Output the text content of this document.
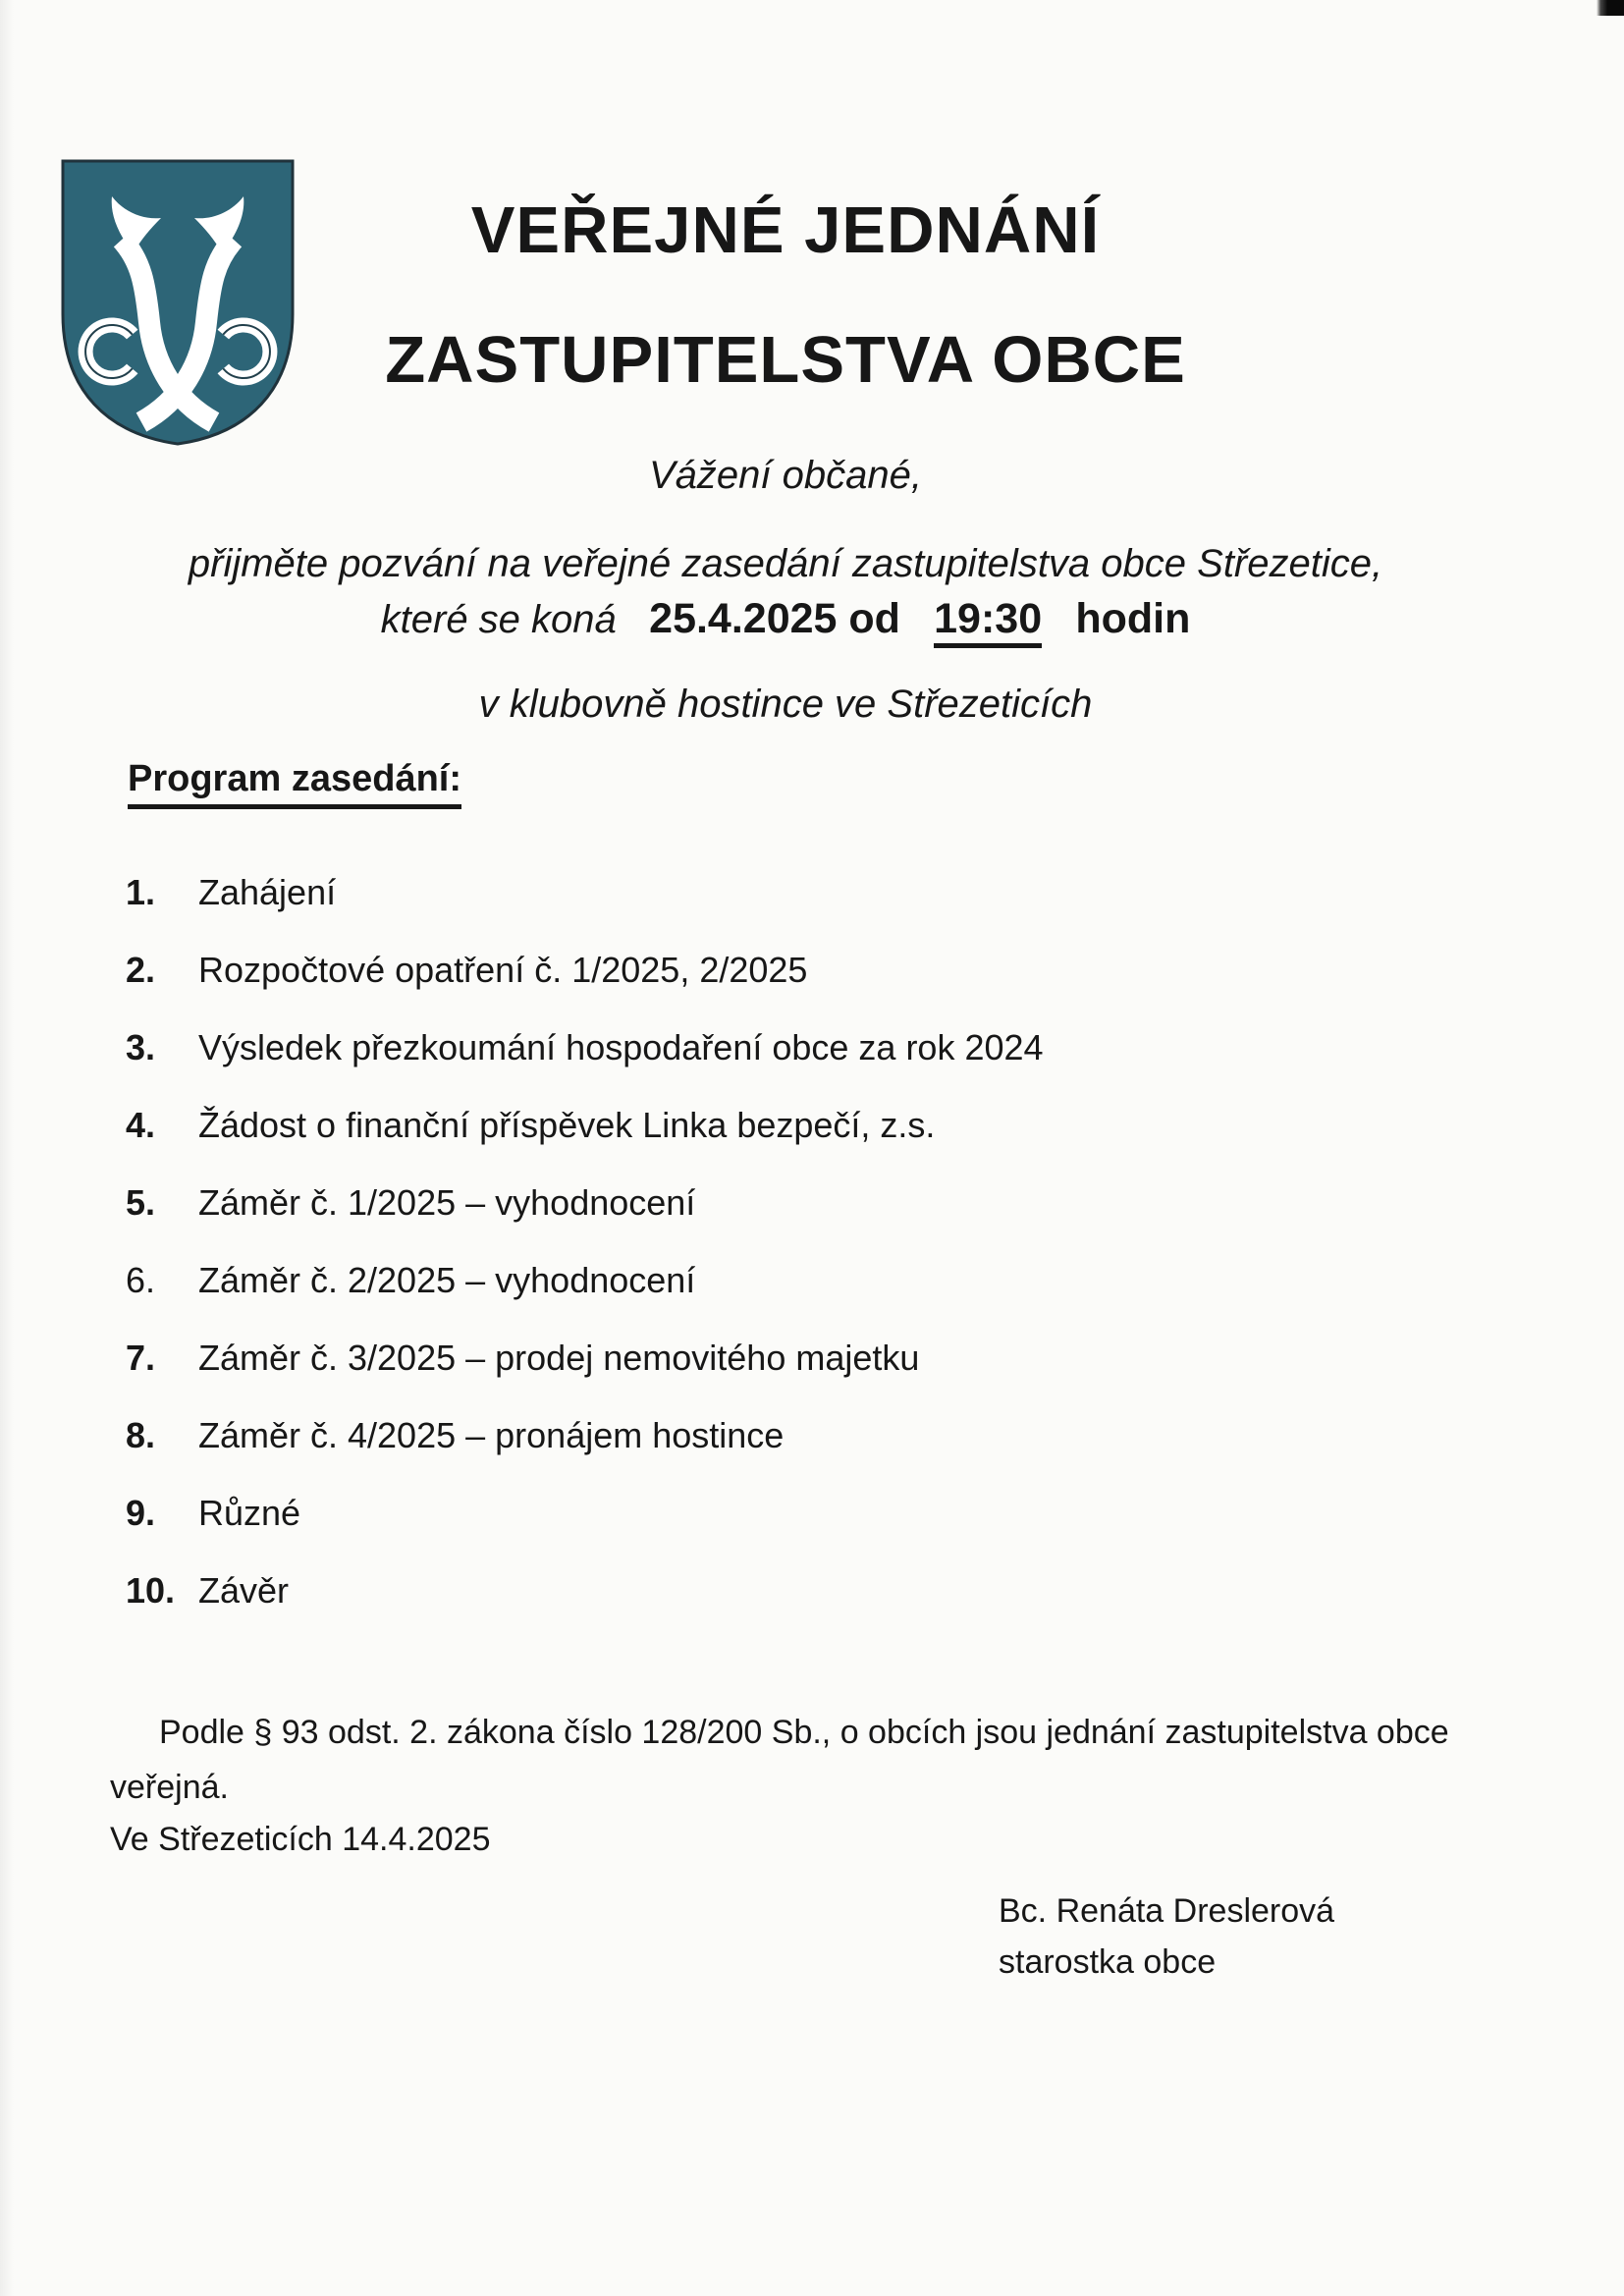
VEŘEJNÉ JEDNÁNÍ
ZASTUPITELSTVA OBCE
Vážení občané,
přijměte pozvání na veřejné zasedání zastupitelstva obce Střezetice,
které se koná 25.4.2025 od 19:30 hodin
v klubovně hostince ve Střezeticích
Program zasedání:
1.	Zahájení
2.	Rozpočtové opatření č. 1/2025, 2/2025
3.	Výsledek přezkoumání hospodaření obce za rok 2024
4.	Žádost o finanční příspěvek Linka bezpečí, z.s.
5.	Záměr č. 1/2025 – vyhodnocení
6.	Záměr č. 2/2025 – vyhodnocení
7.	Záměr č. 3/2025 – prodej nemovitého majetku
8.	Záměr č. 4/2025 – pronájem hostince
9.	Různé
10. Závěr
Podle § 93 odst. 2. zákona číslo 128/200 Sb., o obcích jsou jednání zastupitelstva obce veřejná.
Ve Střezeticích 14.4.2025
Bc. Renáta Dreslerová
starostka obce
